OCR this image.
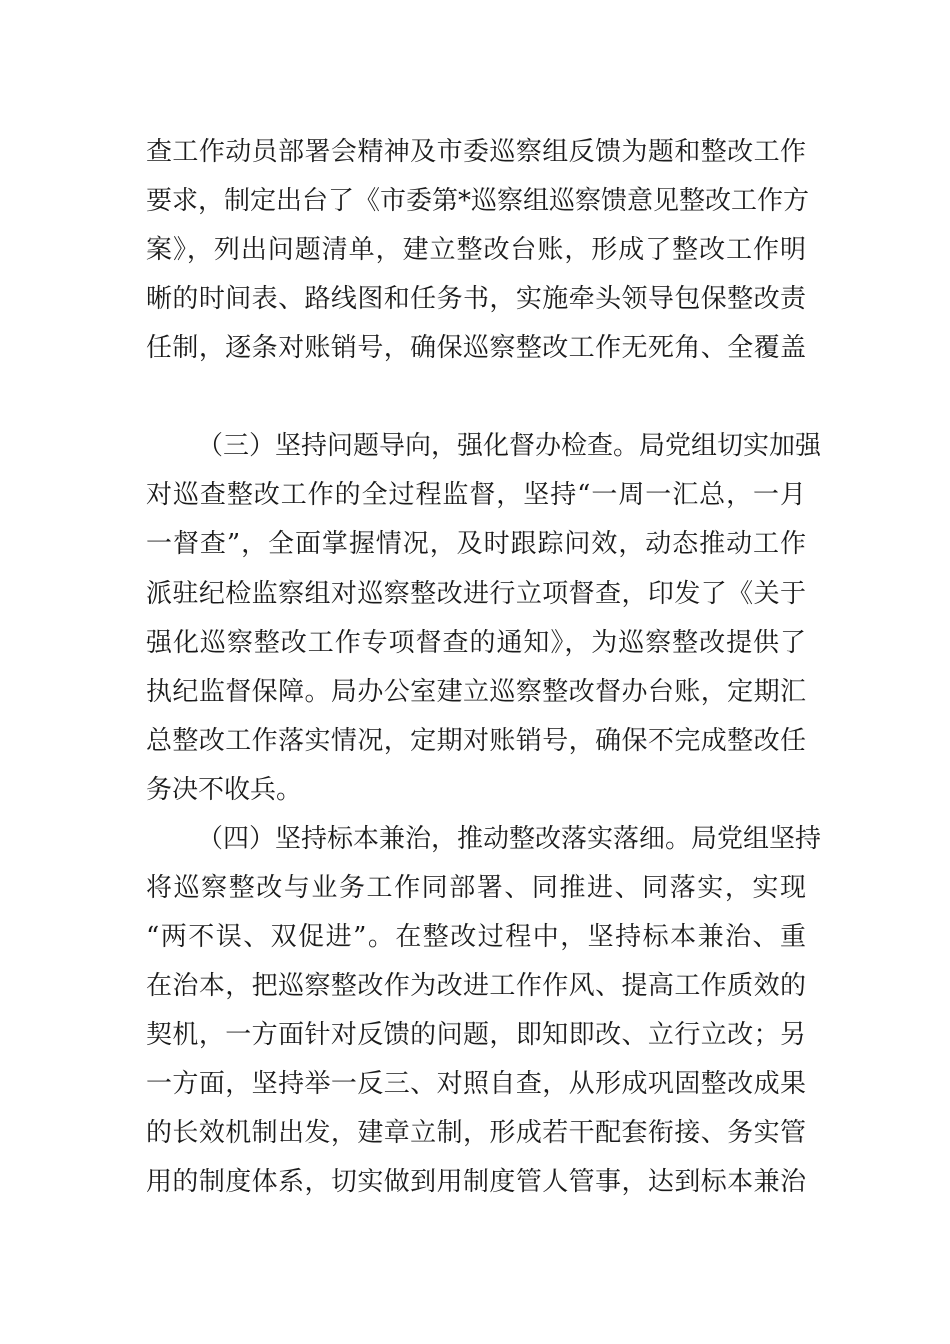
查工作动员部署会精神及市委巡察组反馈为题和整改工作
要求，制定出台了《市委第*巡察组巡察馈意见整改工作方
案》，列出问题清单，建立整改台账，形成了整改工作明
晰的时间表、路线图和任务书，实施牵头领导包保整改责
任制，逐条对账销号，确保巡察整改工作无死角、全覆盖
（三）坚持问题导向，强化督办检查。局党组切实加强
对巡查整改工作的全过程监督，坚持“一周一汇总，一月
一督查”，全面掌握情况，及时跟踪问效，动态推动工作
派驻纪检监察组对巡察整改进行立项督查，印发了《关于
强化巡察整改工作专项督查的通知》，为巡察整改提供了
执纪监督保障。局办公室建立巡察整改督办台账，定期汇
总整改工作落实情况，定期对账销号，确保不完成整改任
务决不收兵。
（四）坚持标本兼治，推动整改落实落细。局党组坚持
将巡察整改与业务工作同部署、同推进、同落实，实现
“两不误、双促进”。在整改过程中，坚持标本兼治、重
在治本，把巡察整改作为改进工作作风、提高工作质效的
契机，一方面针对反馈的问题，即知即改、立行立改；另
一方面，坚持举一反三、对照自查，从形成巩固整改成果
的长效机制出发，建章立制，形成若干配套衔接、务实管
用的制度体系，切实做到用制度管人管事，达到标本兼治
